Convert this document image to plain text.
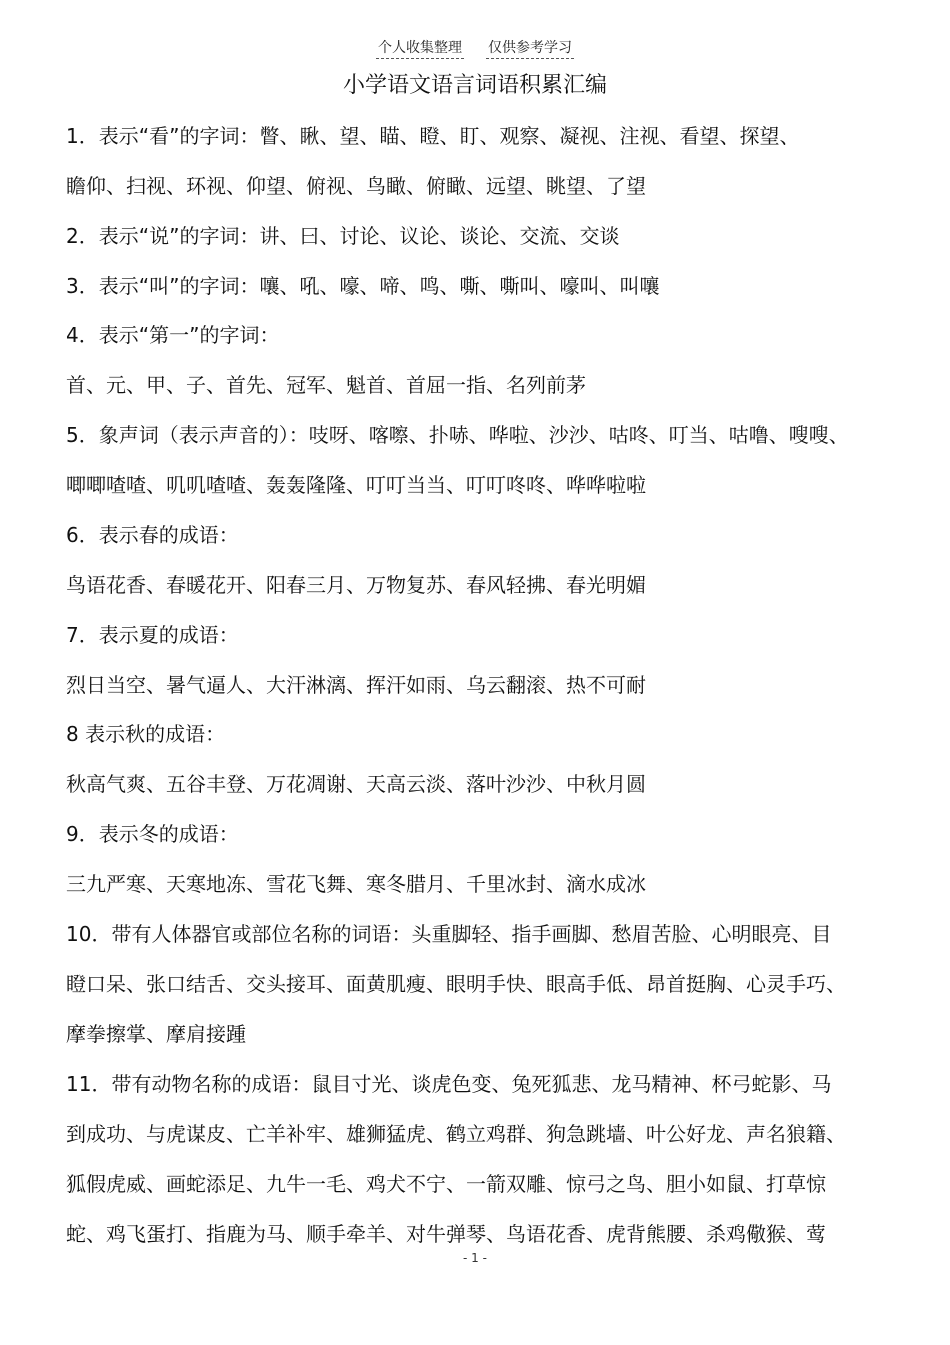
个人收集整理 仅供参考学习
小学语文语言词语积累汇编
1．表示“看”的字词：瞥、瞅、望、瞄、瞪、盯、观察、凝视、注视、看望、探望、
瞻仰、扫视、环视、仰望、俯视、鸟瞰、俯瞰、远望、眺望、了望
2．表示“说”的字词：讲、曰、讨论、议论、谈论、交流、交谈
3．表示“叫”的字词：嚷、吼、嚎、啼、鸣、嘶、嘶叫、嚎叫、叫嚷
4．表示“第一”的字词：
首、元、甲、子、首先、冠军、魁首、首屈一指、名列前茅
5．象声词（表示声音的）：吱呀、喀嚓、扑哧、哗啦、沙沙、咕咚、叮当、咕噜、嗖嗖、
唧唧喳喳、叽叽喳喳、轰轰隆隆、叮叮当当、叮叮咚咚、哗哗啦啦
6．表示春的成语：
鸟语花香、春暖花开、阳春三月、万物复苏、春风轻拂、春光明媚
7．表示夏的成语：
烈日当空、暑气逼人、大汗淋漓、挥汗如雨、乌云翻滚、热不可耐
8 表示秋的成语：
秋高气爽、五谷丰登、万花凋谢、天高云淡、落叶沙沙、中秋月圆
9．表示冬的成语：
三九严寒、天寒地冻、雪花飞舞、寒冬腊月、千里冰封、滴水成冰
10．带有人体器官或部位名称的词语：头重脚轻、指手画脚、愁眉苦脸、心明眼亮、目
瞪口呆、张口结舌、交头接耳、面黄肌瘦、眼明手快、眼高手低、昂首挺胸、心灵手巧、
摩拳擦掌、摩肩接踵
11．带有动物名称的成语：鼠目寸光、谈虎色变、兔死狐悲、龙马精神、杯弓蛇影、马
到成功、与虎谋皮、亡羊补牢、雄狮猛虎、鹤立鸡群、狗急跳墙、叶公好龙、声名狼籍、
狐假虎威、画蛇添足、九牛一毛、鸡犬不宁、一箭双雕、惊弓之鸟、胆小如鼠、打草惊
蛇、鸡飞蛋打、指鹿为马、顺手牵羊、对牛弹琴、鸟语花香、虎背熊腰、杀鸡儆猴、莺
- 1 -
